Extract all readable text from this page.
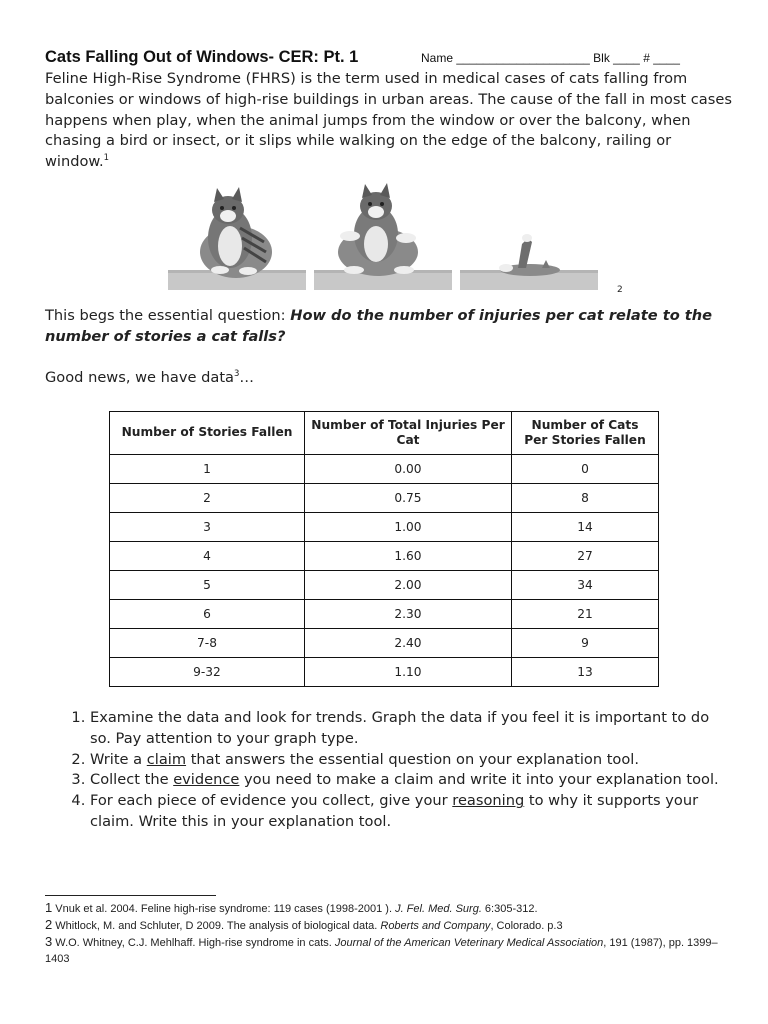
Cats Falling Out of Windows- CER: Pt. 1	Name ____________________ Blk ____ # ____

Feline High-Rise Syndrome (FHRS) is the term used in medical cases of cats falling from balconies or windows of high-rise buildings in urban areas. The cause of the fall in most cases happens when play, when the animal jumps from the window or over the balcony, when chasing a bird or insect, or it slips while walking on the edge of the balcony, railing or window.$^1$

2

This begs the essential question: How do the number of injuries per cat relate to the number of stories a cat falls?

Good news, we have data$^3$…

Number of Stories Fallen	Number of Total Injuries Per Cat	Number of Cats Per Stories Fallen
1	0.00	0
2	0.75	8
3	1.00	14
4	1.60	27
5	2.00	34
6	2.30	21
7-8	2.40	9
9-32	1.10	13
1. Examine the data and look for trends. Graph the data if you feel it is important to do so. Pay attention to your graph type.
2. Write a claim that answers the essential question on your explanation tool.
3. Collect the evidence you need to make a claim and write it into your explanation tool.
4. For each piece of evidence you collect, give your reasoning to why it supports your claim. Write this in your explanation tool.

1 Vnuk et al. 2004. Feline high-rise syndrome: 119 cases (1998-2001 ). J. Fel. Med. Surg. 6:305-312.

2 Whitlock, M. and Schluter, D 2009. The analysis of biological data. Roberts and Company, Colorado. p.3

3 W.O. Whitney, C.J. Mehlhaff. High-rise syndrome in cats. Journal of the American Veterinary Medical Association, 191 (1987), pp. 1399–1403
